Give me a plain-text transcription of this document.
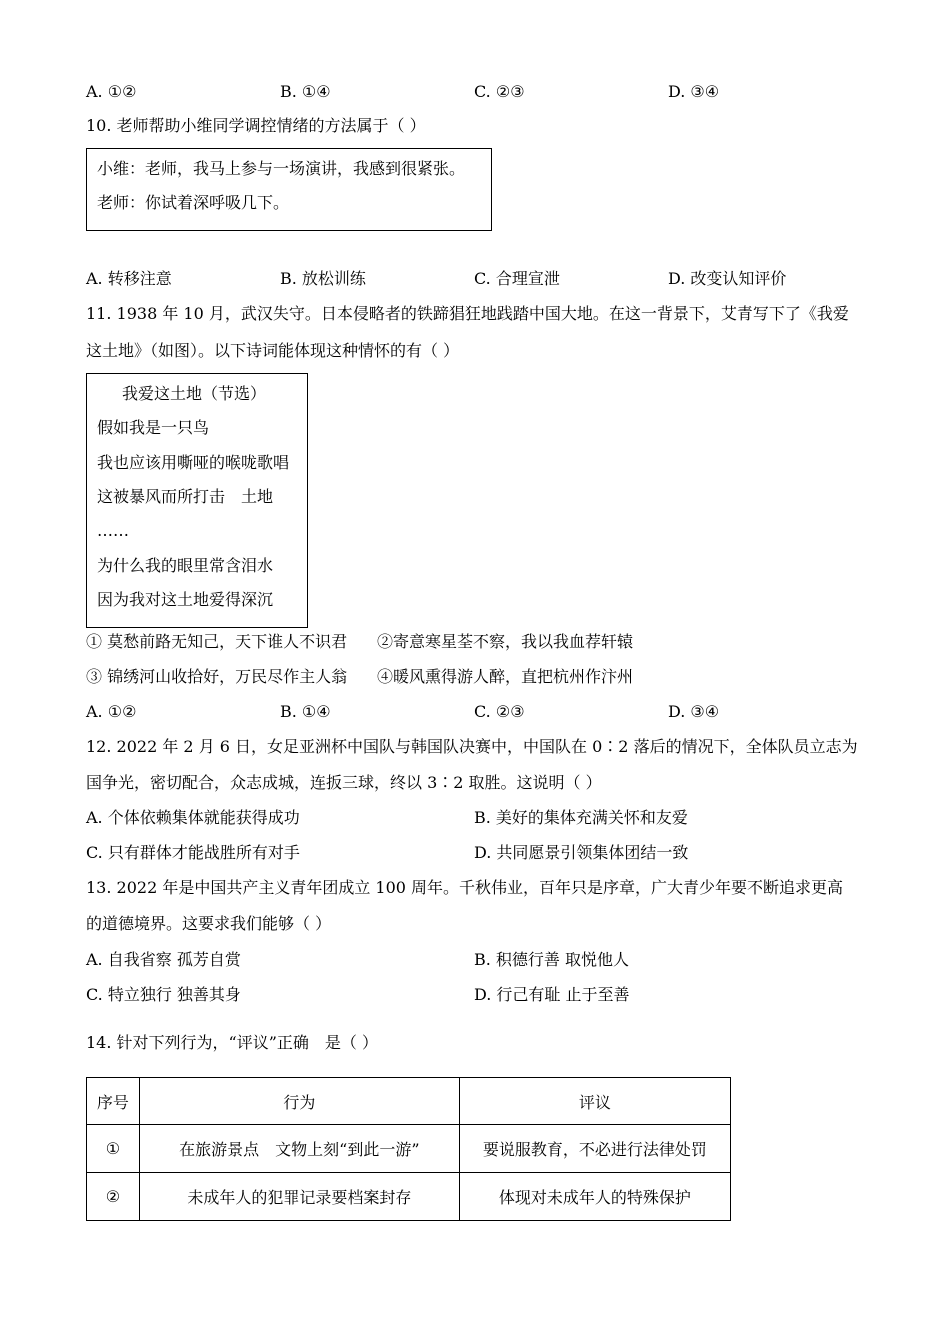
A. ①②	B. ①④	C. ②③	D. ③④
10. 老师帮助小维同学调控情绪的方法属于（ ）
小维：老师，我马上参与一场演讲，我感到很紧张。
老师：你试着深呼吸几下。
A. 转移注意	B. 放松训练	C. 合理宣泄	D. 改变认知评价
11. 1938 年 10 月，武汉失守。日本侵略者的铁蹄猖狂地践踏中国大地。在这一背景下，艾青写下了《我爱
这土地》（如图）。以下诗词能体现这种情怀的有（ ）
我爱这土地（节选）
假如我是一只鸟
我也应该用嘶哑的喉咙歌唱
这被暴风而所打击　土地
……
为什么我的眼里常含泪水
因为我对这土地爱得深沉
① 莫愁前路无知己，天下谁人不识君 ②寄意寒星荃不察，我以我血荐轩辕
③ 锦绣河山收拾好，万民尽作主人翁 ④暖风熏得游人醉，直把杭州作汴州
A. ①②	B. ①④	C. ②③	D. ③④
12. 2022 年 2 月 6 日，女足亚洲杯中国队与韩国队决赛中，中国队在 0∶2 落后的情况下，全体队员立志为
国争光，密切配合，众志成城，连扳三球，终以 3∶2 取胜。这说明（ ）
A. 个体依赖集体就能获得成功	B. 美好的集体充满关怀和友爱
C. 只有群体才能战胜所有对手	D. 共同愿景引领集体团结一致
13. 2022 年是中国共产主义青年团成立 100 周年。千秋伟业，百年只是序章，广大青少年要不断追求更高
的道德境界。这要求我们能够（ ）
A. 自我省察 孤芳自赏	B. 积德行善 取悦他人
C. 特立独行 独善其身	D. 行己有耻 止于至善
14. 针对下列行为，“评议”正确　是（ ）
序号	行为	评议
①	在旅游景点　文物上刻“到此一游”	要说服教育，不必进行法律处罚
②	未成年人的犯罪记录要档案封存	体现对未成年人的特殊保护
